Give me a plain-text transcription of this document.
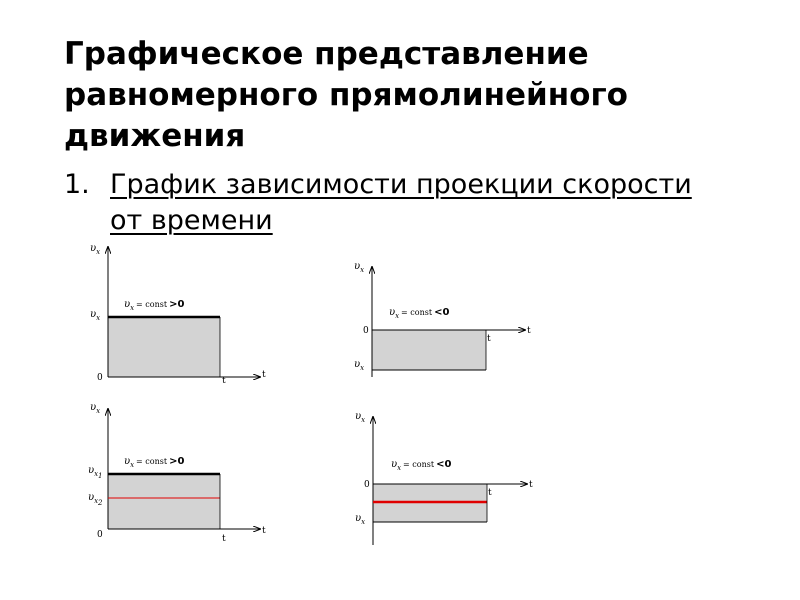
Графическое представление равномерного прямолинейного движения
1. График зависимости проекции скорости от времени
$\upsilon_x$
$\upsilon_x$
υx = const >0
0	t
t
$\upsilon_x$
$\upsilon_x$
υx = const <0
0
t
t
$\upsilon_x$
$\upsilon_{x1}$
$\upsilon_{x2}$
υx = const >0
0	t
t
$\upsilon_x$
$\upsilon_x$
υx = const <0
0
t
t
